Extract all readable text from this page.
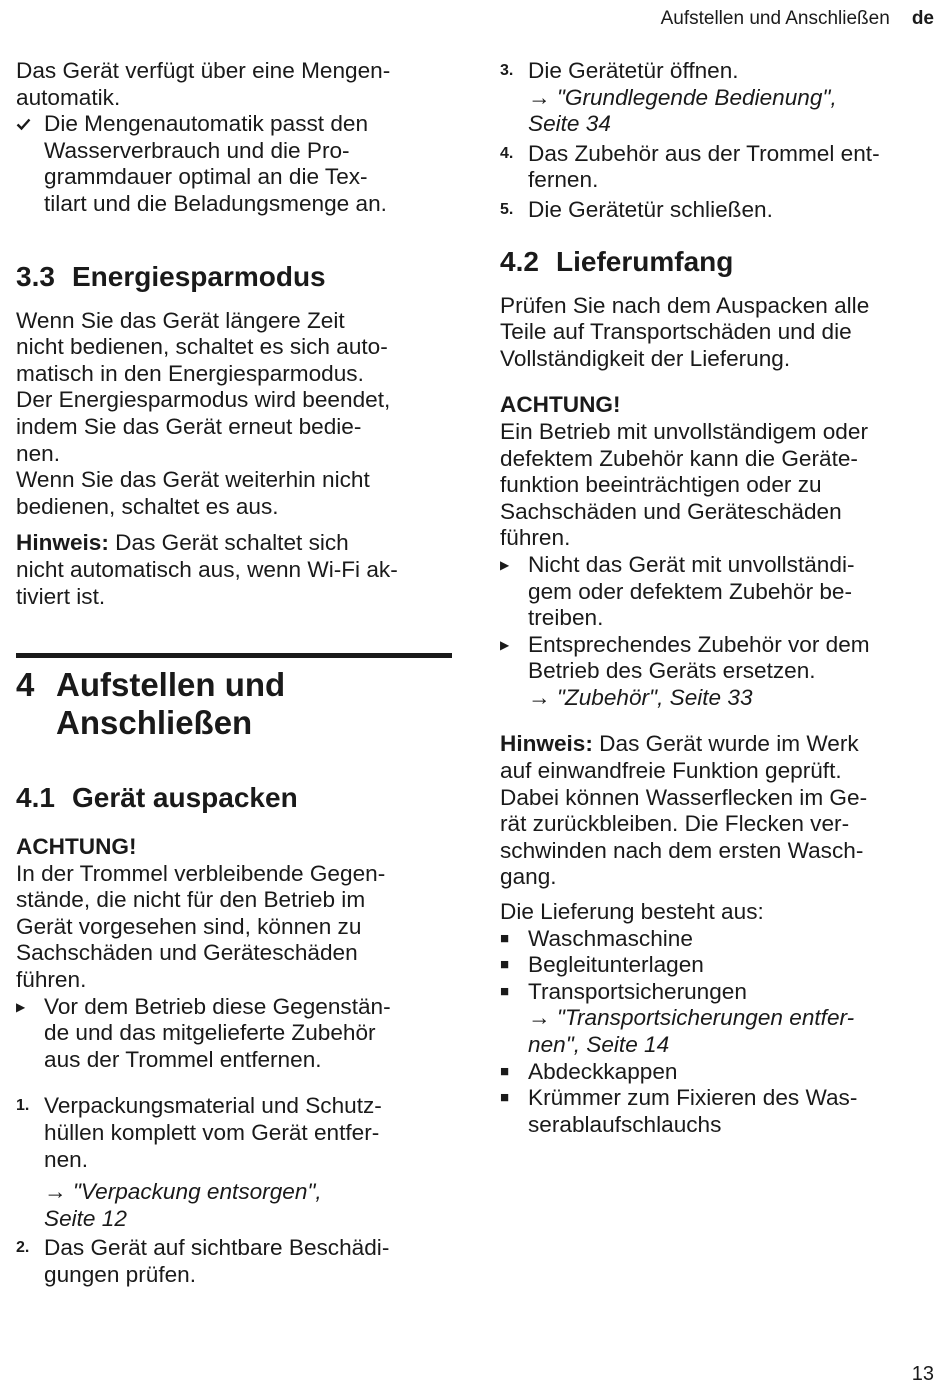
Aufstellen und Anschließen de

Das Gerät verfügt über eine Mengen-
automatik.

Die Mengenautomatik passt den
Wasserverbrauch und die Pro-
grammdauer optimal an die Tex-
tilart und die Beladungsmenge an.

3.3 Energiesparmodus

Wenn Sie das Gerät längere Zeit
nicht bedienen, schaltet es sich auto-
matisch in den Energiesparmodus.
Der Energiesparmodus wird beendet,
indem Sie das Gerät erneut bedie-
nen.
Wenn Sie das Gerät weiterhin nicht
bedienen, schaltet es aus.

Hinweis: Das Gerät schaltet sich
nicht automatisch aus, wenn Wi-Fi ak-
tiviert ist.

4 Aufstellen und
Anschließen
4.1 Gerät auspacken

ACHTUNG!

In der Trommel verbleibende Gegen-
stände, die nicht für den Betrieb im
Gerät vorgesehen sind, können zu
Sachschäden und Geräteschäden
führen.

▶ Vor dem Betrieb diese Gegenstän-
de und das mitgelieferte Zubehör
aus der Trommel entfernen.

1. Verpackungsmaterial und Schutz-
hüllen komplett vom Gerät entfer-
nen.

→ "Verpackung entsorgen",
Seite 12

2. Das Gerät auf sichtbare Beschädi-
gungen prüfen.

3. Die Gerätetür öffnen.

→ "Grundlegende Bedienung",
Seite 34

4. Das Zubehör aus der Trommel ent-
fernen.

5. Die Gerätetür schließen.

4.2 Lieferumfang

Prüfen Sie nach dem Auspacken alle
Teile auf Transportschäden und die
Vollständigkeit der Lieferung.

ACHTUNG!

Ein Betrieb mit unvollständigem oder
defektem Zubehör kann die Geräte-
funktion beeinträchtigen oder zu
Sachschäden und Geräteschäden
führen.

▶ Nicht das Gerät mit unvollständi-
gem oder defektem Zubehör be-
treiben.

▶ Entsprechendes Zubehör vor dem
Betrieb des Geräts ersetzen.

→ "Zubehör", Seite 33

Hinweis: Das Gerät wurde im Werk
auf einwandfreie Funktion geprüft.
Dabei können Wasserflecken im Ge-
rät zurückbleiben. Die Flecken ver-
schwinden nach dem ersten Wasch-
gang.

Die Lieferung besteht aus:

■ Waschmaschine

■ Begleitunterlagen

■ Transportsicherungen

→ "Transportsicherungen entfer-
nen", Seite 14

■ Abdeckkappen

■ Krümmer zum Fixieren des Was-
serablaufschlauchs

13
